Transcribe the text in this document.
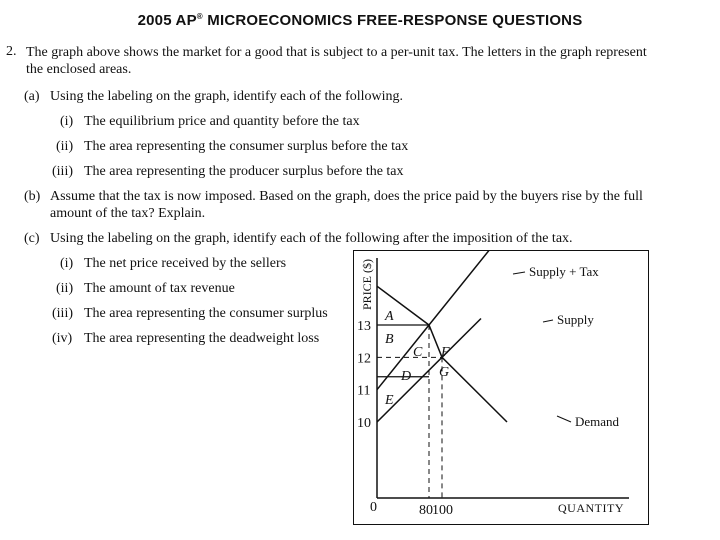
2005 AP® MICROECONOMICS FREE-RESPONSE QUESTIONS
2. The graph above shows the market for a good that is subject to a per-unit tax. The letters in the graph represent
the enclosed areas.
(a) Using the labeling on the graph, identify each of the following.
(i) The equilibrium price and quantity before the tax
(ii) The area representing the consumer surplus before the tax
(iii) The area representing the producer surplus before the tax
(b) Assume that the tax is now imposed. Based on the graph, does the price paid by the buyers rise by the full
amount of the tax? Explain.
(c) Using the labeling on the graph, identify each of the following after the imposition of the tax.
(i) The net price received by the sellers
(ii) The amount of tax revenue
(iii) The area representing the consumer surplus
(iv) The area representing the deadweight loss
PRICE ($)
QUANTITY
0
13
12
11
10
80 100
Supply + Tax
Supply
Demand
A
B
C F
D G
E
